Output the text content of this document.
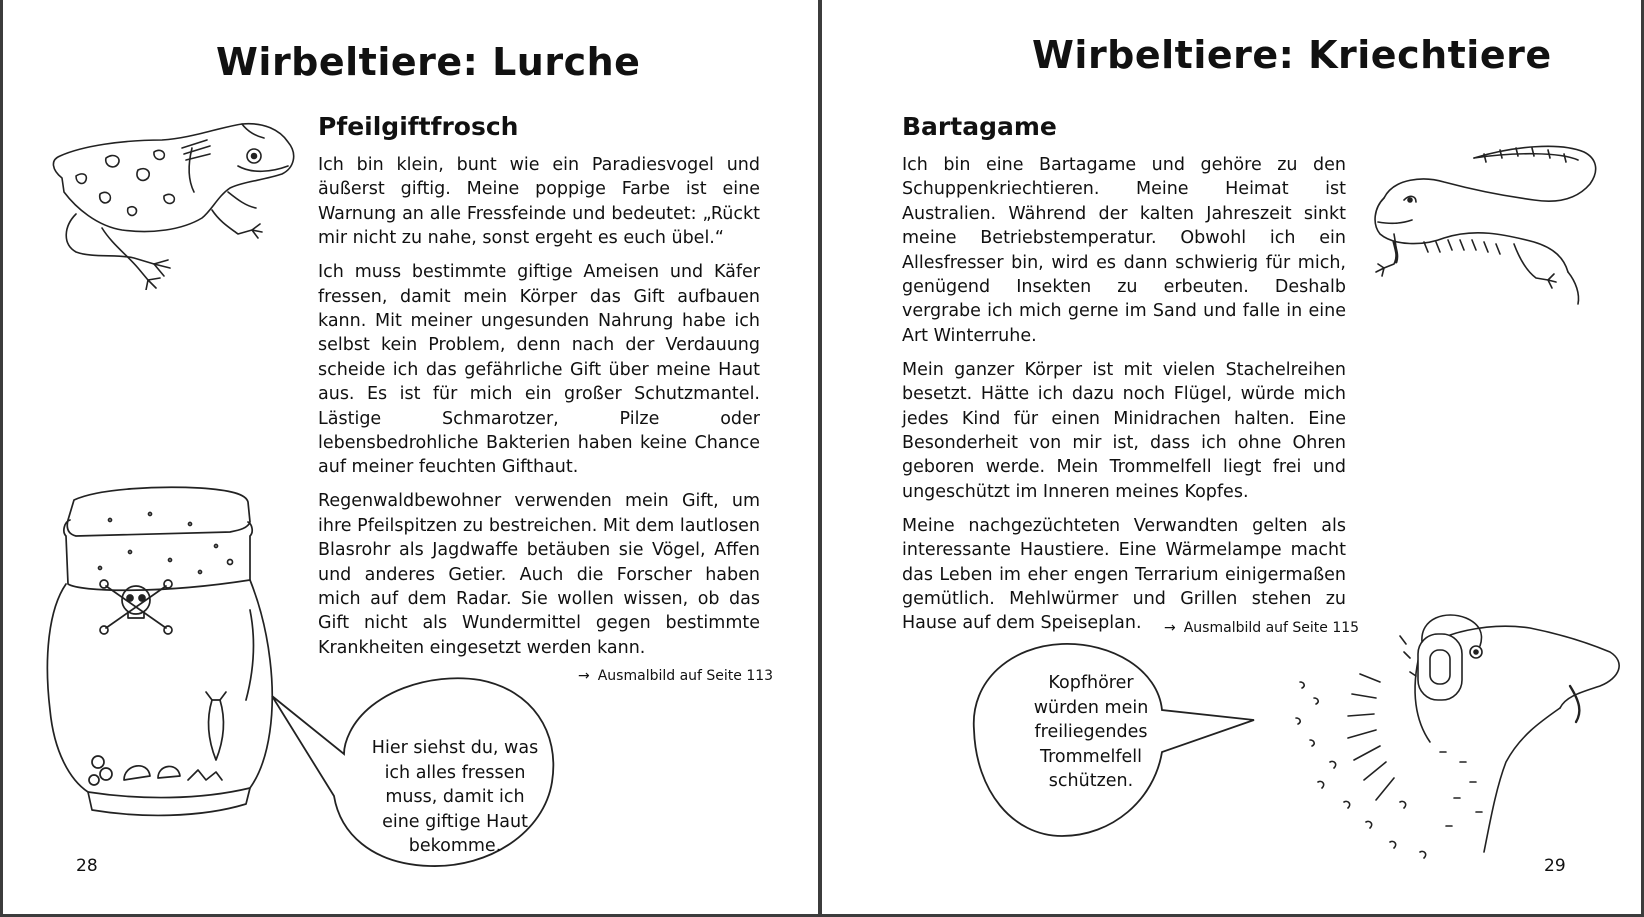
Wirbeltiere: Lurche
Pfeilgiftfrosch

Ich bin klein, bunt wie ein Paradiesvogel und äußerst giftig. Meine poppige Farbe ist eine Warnung an alle Fressfeinde und bedeutet: „Rückt mir nicht zu nahe, sonst ergeht es euch übel.“

Ich muss bestimmte giftige Ameisen und Käfer fressen, damit mein Körper das Gift aufbauen kann. Mit meiner ungesunden Nahrung habe ich selbst kein Problem, denn nach der Verdauung scheide ich das gefährliche Gift über meine Haut aus. Es ist für mich ein großer Schutzmantel. Lästige Schmarotzer, Pilze oder lebensbedrohliche Bakterien haben keine Chance auf meiner feuchten Gifthaut.

Regenwaldbewohner verwenden mein Gift, um ihre Pfeilspitzen zu bestreichen. Mit dem lautlosen Blasrohr als Jagdwaffe betäuben sie Vögel, Affen und anderes Getier. Auch die Forscher haben mich auf dem Radar. Sie wollen wissen, ob das Gift nicht als Wundermittel gegen bestimmte Krankheiten eingesetzt werden kann.

→ Ausmalbild auf Seite 113
Hier siehst du, was
ich alles fressen
muss, damit ich
eine giftige Haut
bekomme.
28
Wirbeltiere: Kriechtiere
Bartagame

Ich bin eine Bartagame und gehöre zu den Schuppenkriechtieren. Meine Heimat ist Australien. Während der kalten Jahreszeit sinkt meine Betriebstemperatur. Obwohl ich ein Allesfresser bin, wird es dann schwierig für mich, genügend Insekten zu erbeuten. Deshalb vergrabe ich mich gerne im Sand und falle in eine Art Winterruhe.

Mein ganzer Körper ist mit vielen Stachelreihen besetzt. Hätte ich dazu noch Flügel, würde mich jedes Kind für einen Minidrachen halten. Eine Besonderheit von mir ist, dass ich ohne Ohren geboren werde. Mein Trommelfell liegt frei und ungeschützt im Inneren meines Kopfes.

Meine nachgezüchteten Verwandten gelten als interessante Haustiere. Eine Wärmelampe macht das Leben im eher engen Terrarium einigermaßen gemütlich. Mehlwürmer und Grillen stehen zu Hause auf dem Speiseplan.	→ Ausmalbild auf Seite 115
Kopfhörer
würden mein
freiliegendes
Trommelfell
schützen.
29
